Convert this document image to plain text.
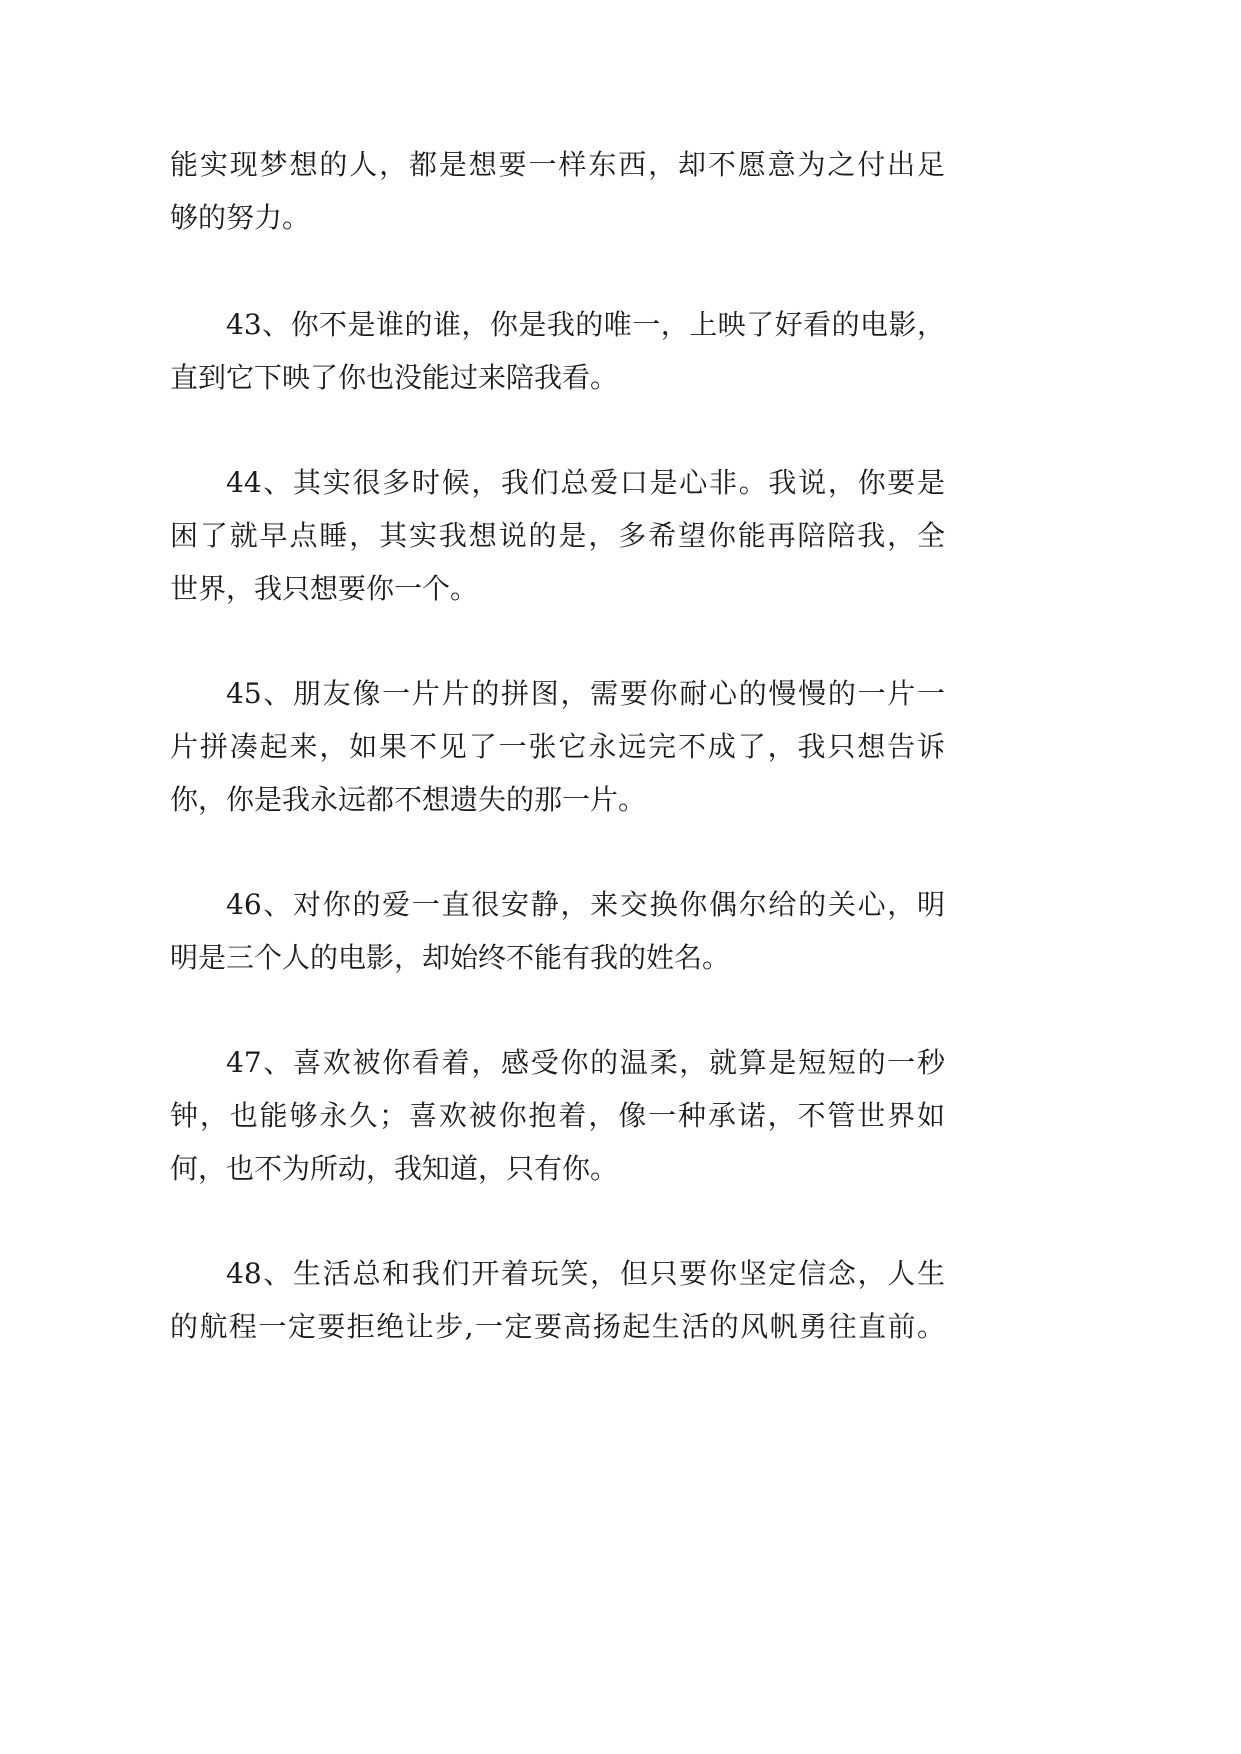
能实现梦想的人，都是想要一样东西，却不愿意为之付出足
够的努力。
43、你不是谁的谁，你是我的唯一，上映了好看的电影，
直到它下映了你也没能过来陪我看。
44、其实很多时候，我们总爱口是心非。我说，你要是
困了就早点睡，其实我想说的是，多希望你能再陪陪我，全
世界，我只想要你一个。
45、朋友像一片片的拼图，需要你耐心的慢慢的一片一
片拼凑起来，如果不见了一张它永远完不成了，我只想告诉
你，你是我永远都不想遗失的那一片。
46、对你的爱一直很安静，来交换你偶尔给的关心，明
明是三个人的电影，却始终不能有我的姓名。
47、喜欢被你看着，感受你的温柔，就算是短短的一秒
钟，也能够永久；喜欢被你抱着，像一种承诺，不管世界如
何，也不为所动，我知道，只有你。
48、生活总和我们开着玩笑，但只要你坚定信念，人生
的航程一定要拒绝让步,一定要高扬起生活的风帆勇往直前。
